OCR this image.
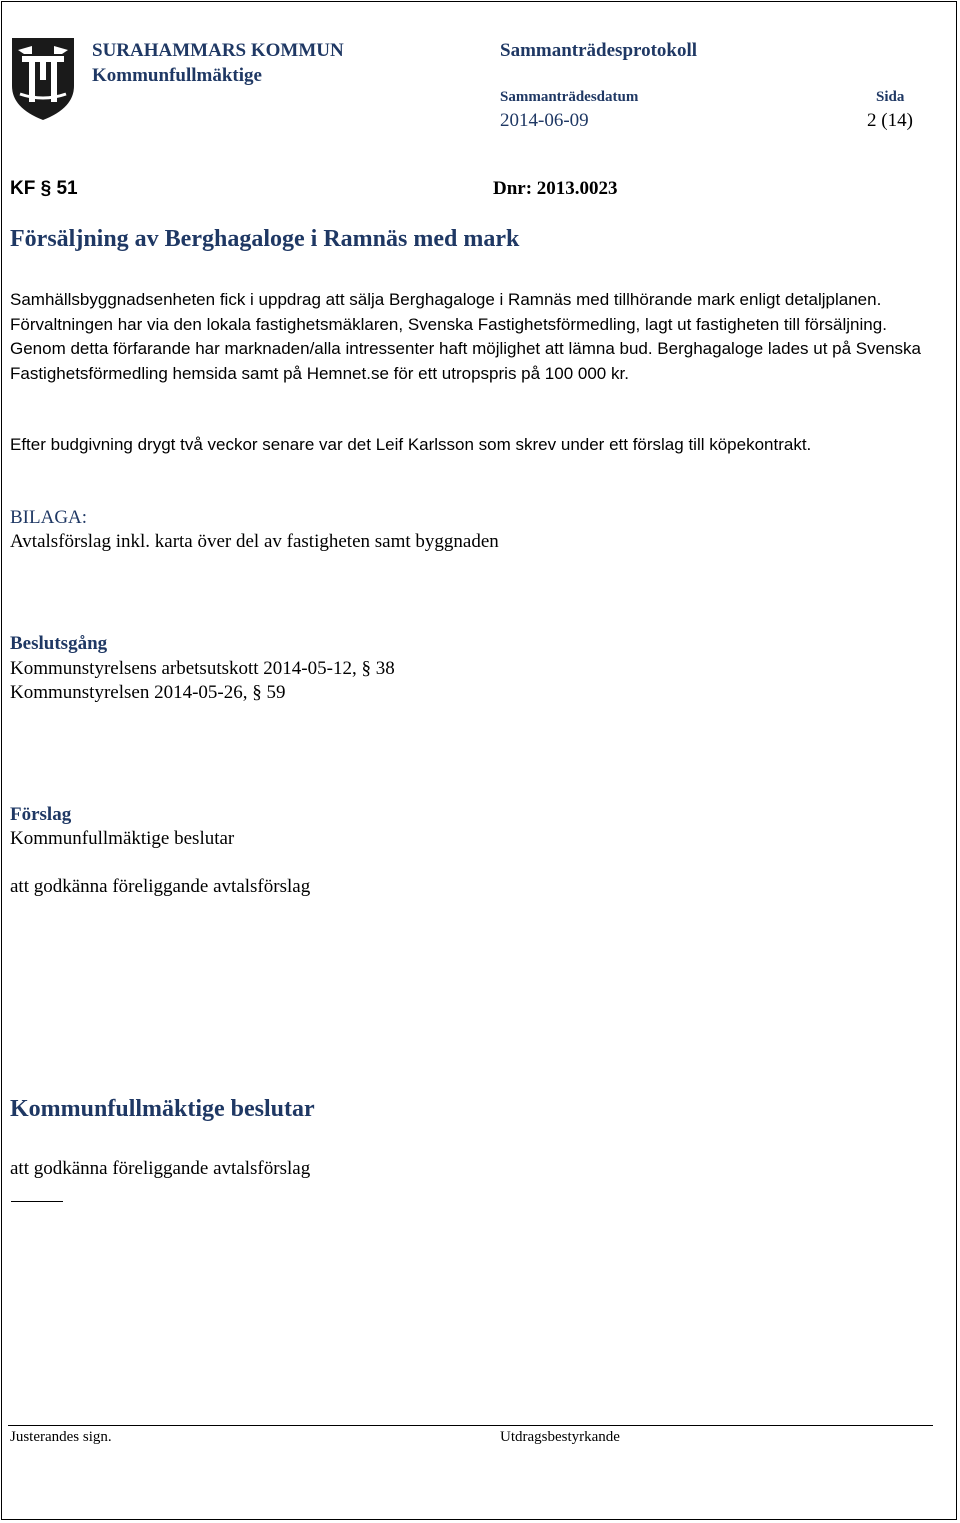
SURAHAMMARS KOMMUN
Kommunfullmäktige
Sammanträdesprotokoll
Sammanträdesdatum
2014-06-09
Sida
2 (14)
KF § 51	Dnr: 2013.0023
Försäljning av Berghagaloge i Ramnäs med mark
Samhällsbyggnadsenheten fick i uppdrag att sälja Berghagaloge i Ramnäs med tillhörande mark enligt detaljplanen. Förvaltningen har via den lokala fastighetsmäklaren, Svenska Fastighetsförmedling, lagt ut fastigheten till försäljning. Genom detta förfarande har marknaden/alla intressenter haft möjlighet att lämna bud. Berghagaloge lades ut på Svenska Fastighetsförmedling hemsida samt på Hemnet.se för ett utropspris på 100 000 kr.
Efter budgivning drygt två veckor senare var det Leif Karlsson som skrev under ett förslag till köpekontrakt.
BILAGA:
Avtalsförslag inkl. karta över del av fastigheten samt byggnaden
Beslutsgång
Kommunstyrelsens arbetsutskott 2014-05-12, § 38
Kommunstyrelsen 2014-05-26, § 59
Förslag
Kommunfullmäktige beslutar
att godkänna föreliggande avtalsförslag
Kommunfullmäktige beslutar
att godkänna föreliggande avtalsförslag
Justerandes sign.	Utdragsbestyrkande
